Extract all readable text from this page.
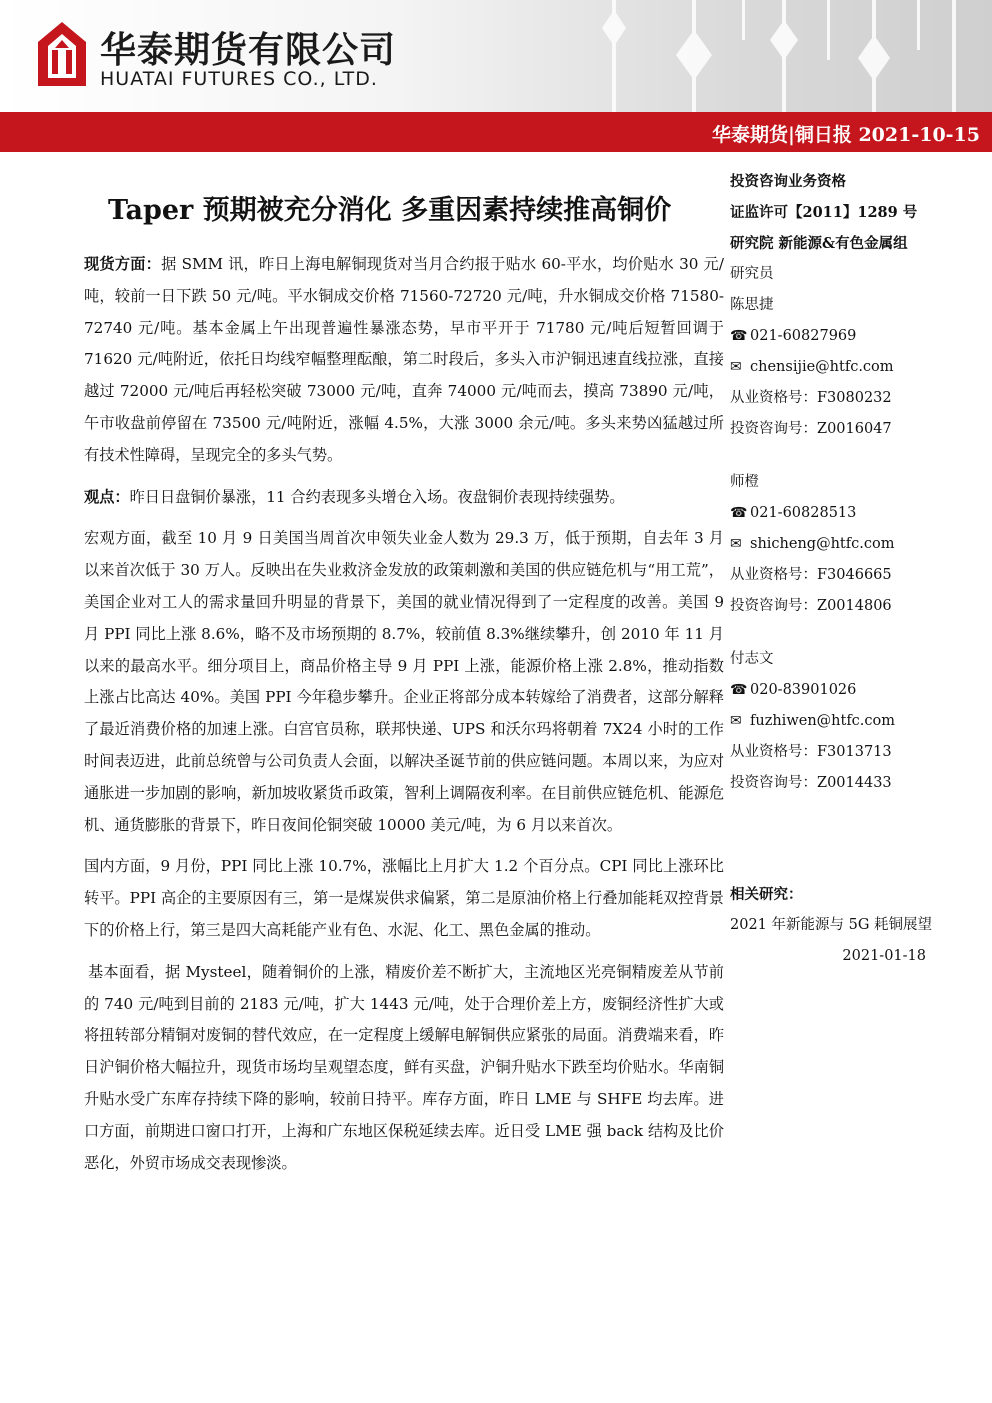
华泰期货有限公司
HUATAI FUTURES CO., LTD.
华泰期货|铜日报 2021-10-15
Taper 预期被充分消化 多重因素持续推高铜价

现货方面：据 SMM 讯，昨日上海电解铜现货对当月合约报于贴水 60-平水，均价贴水 30 元/吨，较前一日下跌 50 元/吨。平水铜成交价格 71560-72720 元/吨，升水铜成交价格 71580-72740 元/吨。基本金属上午出现普遍性暴涨态势，早市平开于 71780 元/吨后短暂回调于 71620 元/吨附近，依托日均线窄幅整理酝酿，第二时段后，多头入市沪铜迅速直线拉涨，直接越过 72000 元/吨后再轻松突破 73000 元/吨，直奔 74000 元/吨而去，摸高 73890 元/吨，午市收盘前停留在 73500 元/吨附近，涨幅 4.5%，大涨 3000 余元/吨。多头来势凶猛越过所有技术性障碍，呈现完全的多头气势。

观点：昨日日盘铜价暴涨，11 合约表现多头增仓入场。夜盘铜价表现持续强势。

宏观方面，截至 10 月 9 日美国当周首次申领失业金人数为 29.3 万，低于预期，自去年 3 月以来首次低于 30 万人。反映出在失业救济金发放的政策刺激和美国的供应链危机与“用工荒”，美国企业对工人的需求量回升明显的背景下，美国的就业情况得到了一定程度的改善。美国 9 月 PPI 同比上涨 8.6%，略不及市场预期的 8.7%，较前值 8.3%继续攀升，创 2010 年 11 月以来的最高水平。细分项目上，商品价格主导 9 月 PPI 上涨，能源价格上涨 2.8%，推动指数上涨占比高达 40%。美国 PPI 今年稳步攀升。企业正将部分成本转嫁给了消费者，这部分解释了最近消费价格的加速上涨。白宫官员称，联邦快递、UPS 和沃尔玛将朝着 7X24 小时的工作时间表迈进，此前总统曾与公司负责人会面，以解决圣诞节前的供应链问题。本周以来，为应对通胀进一步加剧的影响，新加坡收紧货币政策，智利上调隔夜利率。在目前供应链危机、能源危机、通货膨胀的背景下，昨日夜间伦铜突破 10000 美元/吨，为 6 月以来首次。

国内方面，9 月份，PPI 同比上涨 10.7%，涨幅比上月扩大 1.2 个百分点。CPI 同比上涨环比转平。PPI 高企的主要原因有三，第一是煤炭供求偏紧，第二是原油价格上行叠加能耗双控背景下的价格上行，第三是四大高耗能产业有色、水泥、化工、黑色金属的推动。

基本面看，据 Mysteel，随着铜价的上涨，精废价差不断扩大，主流地区光亮铜精废差从节前的 740 元/吨到目前的 2183 元/吨，扩大 1443 元/吨，处于合理价差上方，废铜经济性扩大或将扭转部分精铜对废铜的替代效应，在一定程度上缓解电解铜供应紧张的局面。消费端来看，昨日沪铜价格大幅拉升，现货市场均呈观望态度，鲜有买盘，沪铜升贴水下跌至均价贴水。华南铜升贴水受广东库存持续下降的影响，较前日持平。库存方面，昨日 LME 与 SHFE 均去库。进口方面，前期进口窗口打开，上海和广东地区保税延续去库。近日受 LME 强 back 结构及比价恶化，外贸市场成交表现惨淡。

投资咨询业务资格
证监许可【2011】1289 号
研究院 新能源&有色金属组
研究员
陈思捷
☎ 021-60827969
✉ chensijie@htfc.com
从业资格号：F3080232
投资咨询号：Z0016047
师橙
☎ 021-60828513
✉ shicheng@htfc.com
从业资格号：F3046665
投资咨询号：Z0014806
付志文
☎ 020-83901026
✉ fuzhiwen@htfc.com
从业资格号：F3013713
投资咨询号：Z0014433
相关研究：
2021 年新能源与 5G 耗铜展望
2021-01-18
